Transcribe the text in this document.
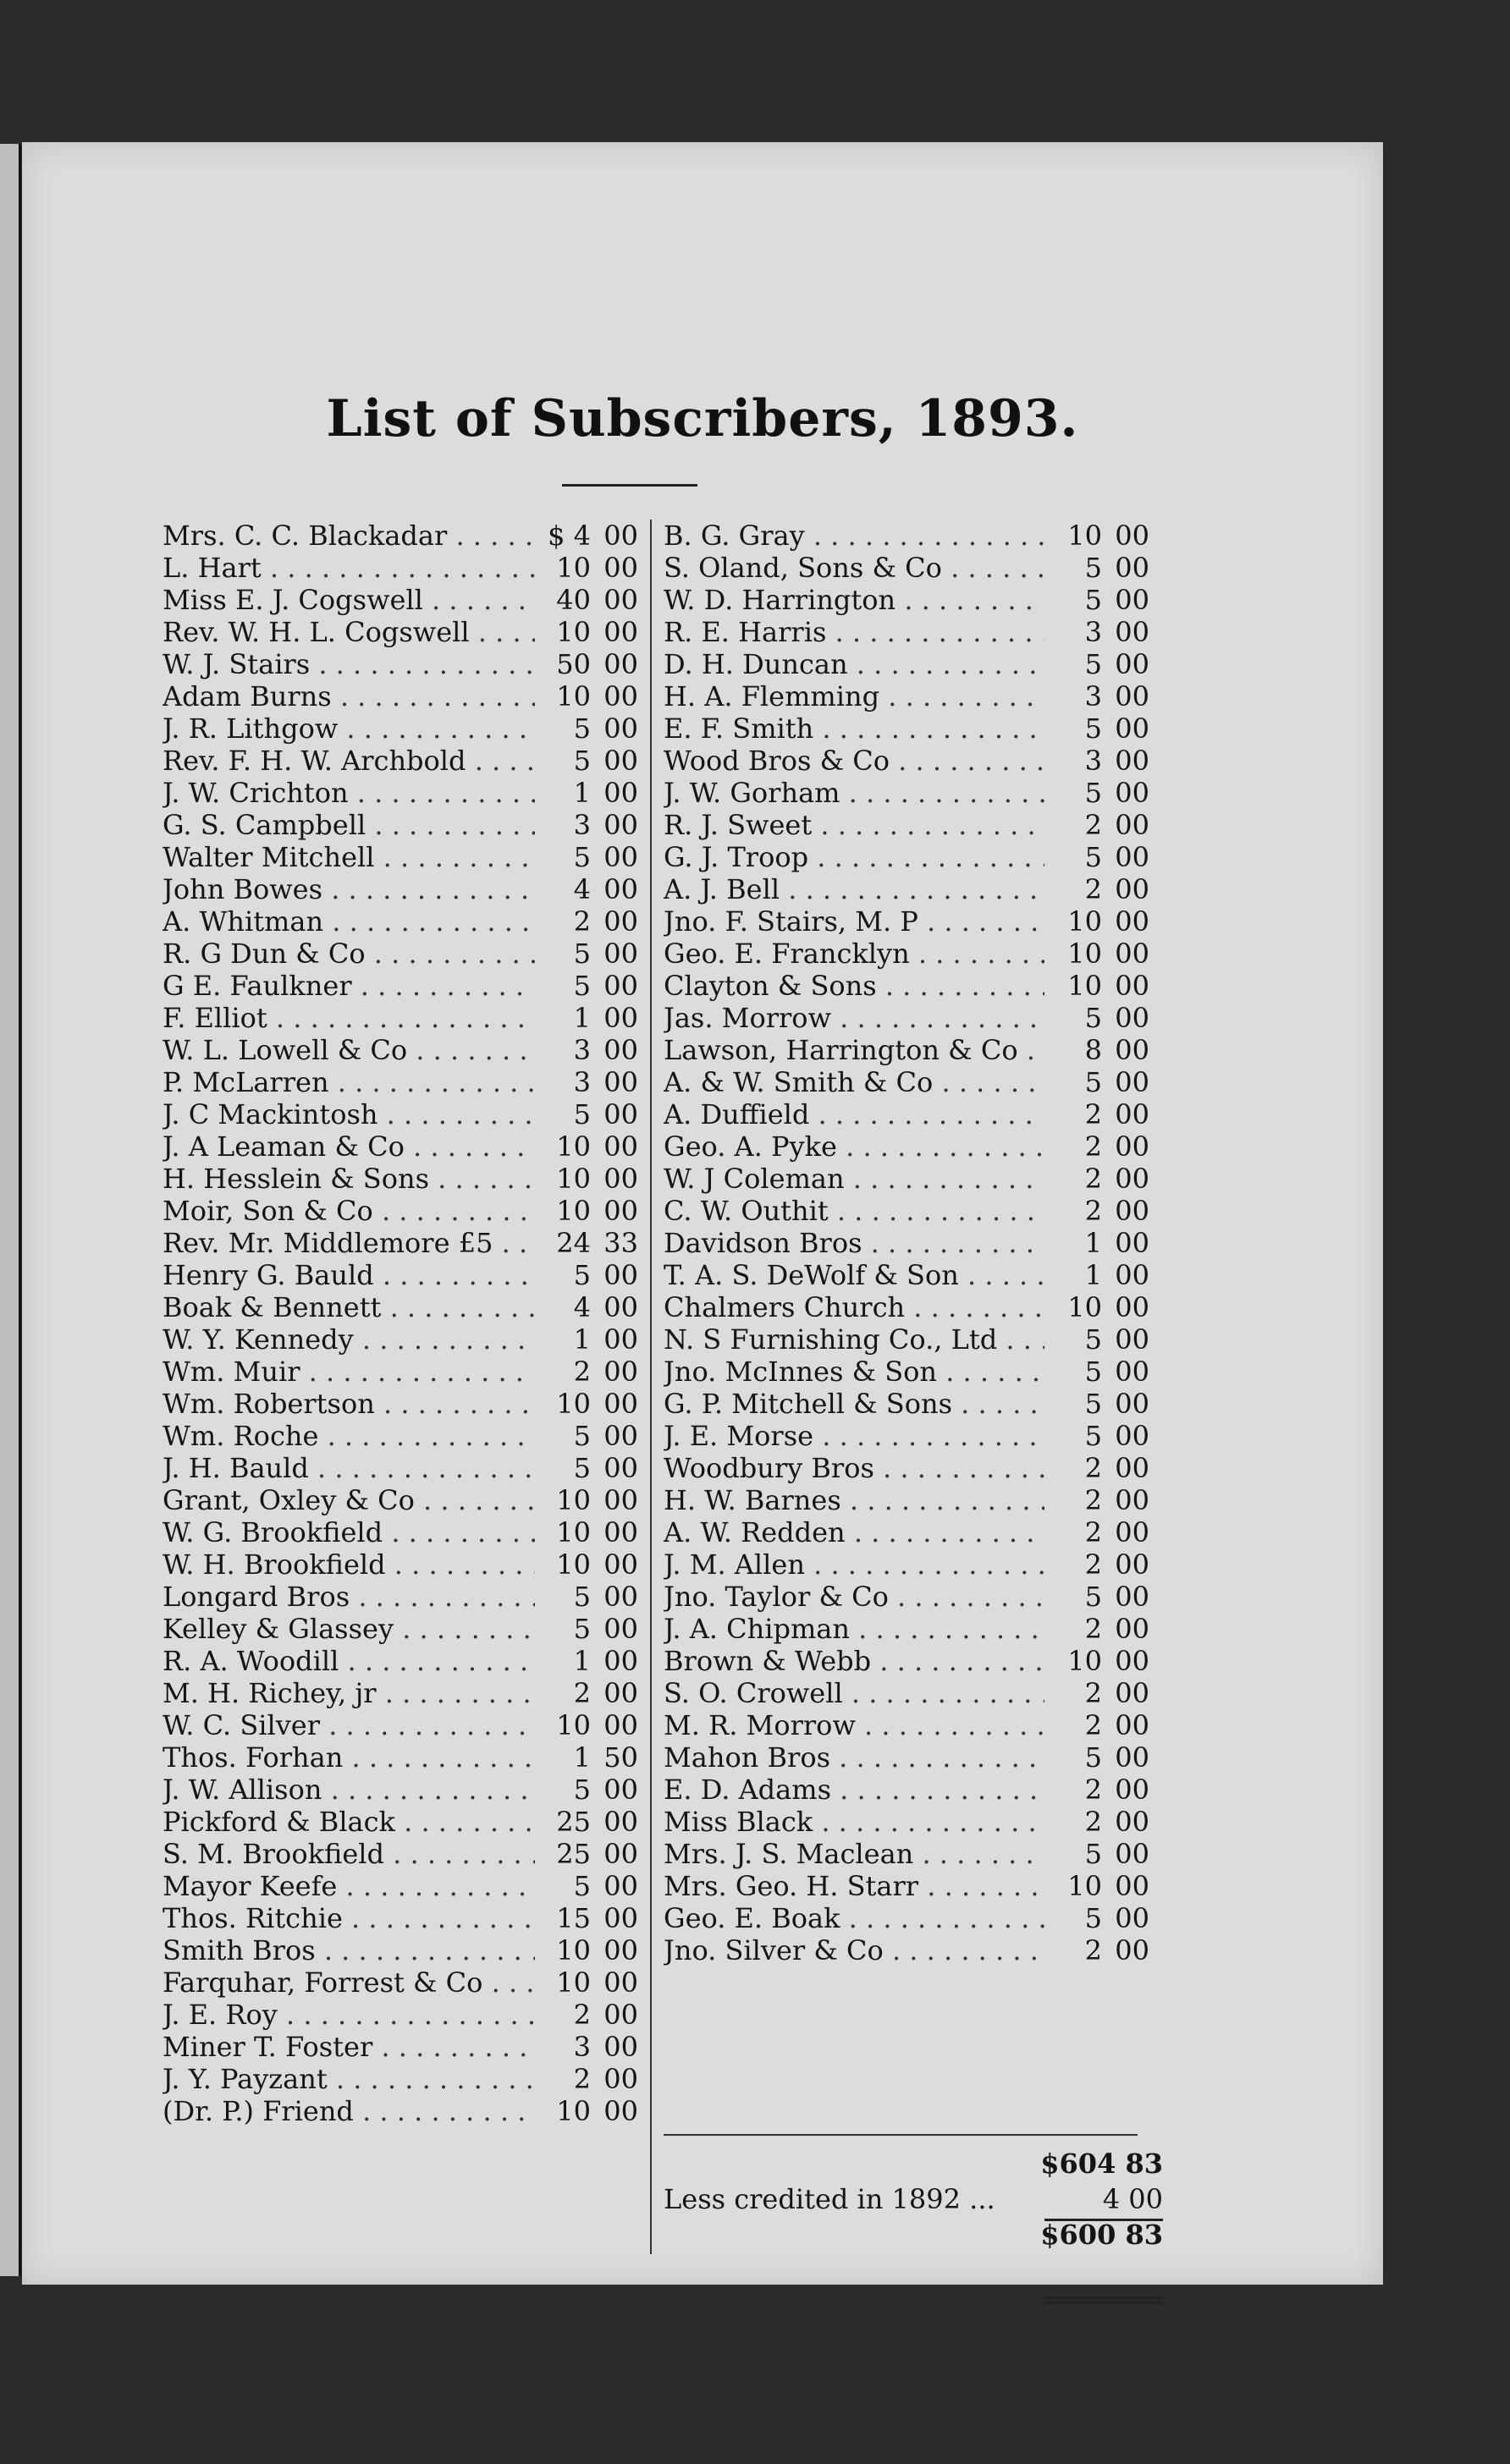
List of Subscribers, 1893.
Mrs. C. C. Blackadar . . .	$ 4 00
L. Hart . . .	10 00
Miss E. J. Cogswell . . .	40 00
Rev. W. H. L. Cogswell . . .	10 00
W. J. Stairs . . .	50 00
Adam Burns . . .	10 00
J. R. Lithgow . . .	5 00
Rev. F. H. W. Archbold . . .	5 00
J. W. Crichton . . .	1 00
G. S. Campbell . . .	3 00
Walter Mitchell . . .	5 00
John Bowes . . .	4 00
A. Whitman . . .	2 00
R. G Dun & Co . . .	5 00
G E. Faulkner . . .	5 00
F. Elliot . . .	1 00
W. L. Lowell & Co . . .	3 00
P. McLarren . . .	3 00
J. C Mackintosh . . .	5 00
J. A Leaman & Co . . .	10 00
H. Hesslein & Sons . . .	10 00
Moir, Son & Co . . .	10 00
Rev. Mr. Middlemore £5 . . .	24 33
Henry G. Bauld . . .	5 00
Boak & Bennett . . .	4 00
W. Y. Kennedy . . .	1 00
Wm. Muir . . .	2 00
Wm. Robertson . . .	10 00
Wm. Roche . . .	5 00
J. H. Bauld . . .	5 00
Grant, Oxley & Co . . .	10 00
W. G. Brookfield . . .	10 00
W. H. Brookfield . . .	10 00
Longard Bros . . .	5 00
Kelley & Glassey . . .	5 00
R. A. Woodill . . .	1 00
M. H. Richey, jr . . .	2 00
W. C. Silver . . .	10 00
Thos. Forhan . . .	1 50
J. W. Allison . . .	5 00
Pickford & Black . . .	25 00
S. M. Brookfield . . .	25 00
Mayor Keefe . . .	5 00
Thos. Ritchie . . .	15 00
Smith Bros . . .	10 00
Farquhar, Forrest & Co . . .	10 00
J. E. Roy . . .	2 00
Miner T. Foster . . .	3 00
J. Y. Payzant . . .	2 00
(Dr. P.) Friend . . .	10 00
B. G. Gray . . .	10 00
S. Oland, Sons & Co . . .	5 00
W. D. Harrington . . .	5 00
R. E. Harris . . .	3 00
D. H. Duncan . . .	5 00
H. A. Flemming . . .	3 00
E. F. Smith . . .	5 00
Wood Bros & Co . . .	3 00
J. W. Gorham . . .	5 00
R. J. Sweet . . .	2 00
G. J. Troop . . .	5 00
A. J. Bell . . .	2 00
Jno. F. Stairs, M. P . . .	10 00
Geo. E. Francklyn . . .	10 00
Clayton & Sons . . .	10 00
Jas. Morrow . . .	5 00
Lawson, Harrington & Co . . .	8 00
A. & W. Smith & Co . . .	5 00
A. Duffield . . .	2 00
Geo. A. Pyke . . .	2 00
W. J Coleman . . .	2 00
C. W. Outhit . . .	2 00
Davidson Bros . . .	1 00
T. A. S. DeWolf & Son . . .	1 00
Chalmers Church . . .	10 00
N. S Furnishing Co., Ltd . . .	5 00
Jno. McInnes & Son . . .	5 00
G. P. Mitchell & Sons . . .	5 00
J. E. Morse . . .	5 00
Woodbury Bros . . .	2 00
H. W. Barnes . . .	2 00
A. W. Redden . . .	2 00
J. M. Allen . . .	2 00
Jno. Taylor & Co . . .	5 00
J. A. Chipman . . .	2 00
Brown & Webb . . .	10 00
S. O. Crowell . . .	2 00
M. R. Morrow . . .	2 00
Mahon Bros . . .	5 00
E. D. Adams . . .	2 00
Miss Black . . .	2 00
Mrs. J. S. Maclean . . .	5 00
Mrs. Geo. H. Starr . . .	10 00
Geo. E. Boak . . .	5 00
Jno. Silver & Co . . .	2 00
$604 83
Less credited in 1892 ...	4 00
$600 83
